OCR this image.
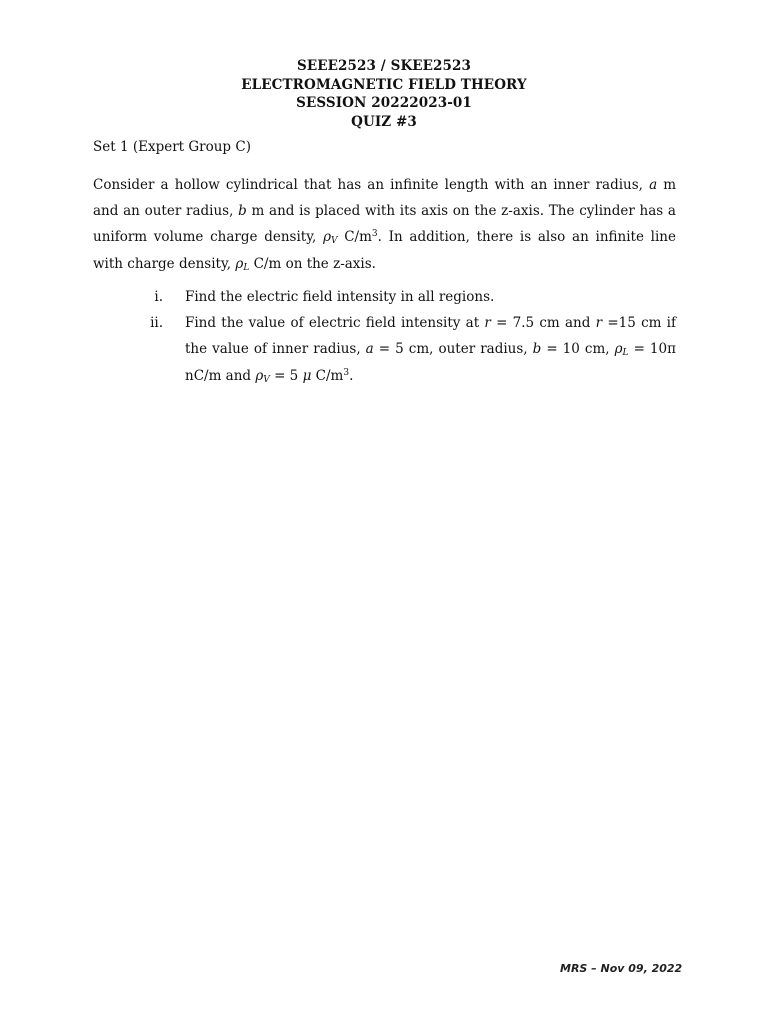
SEEE2523 / SKEE2523
ELECTROMAGNETIC FIELD THEORY
SESSION 20222023-01
QUIZ #3
Set 1 (Expert Group C)
Consider a hollow cylindrical that has an infinite length with an inner radius, a m and an outer radius, b m and is placed with its axis on the z-axis. The cylinder has a uniform volume charge density, $\rho_V$ $C/m^3$. In addition, there is also an infinite line with charge density, $\rho_L$ C/m on the z-axis.
i. Find the electric field intensity in all regions.
ii. Find the value of electric field intensity at r = 7.5 cm and r =15 cm if the value of inner radius, a = 5 cm, outer radius, b = 10 cm, $\rho_L = 10\pi$ nC/m and $\rho_V = 5$ μ $C/m^3$.
MRS – Nov 09, 2022
